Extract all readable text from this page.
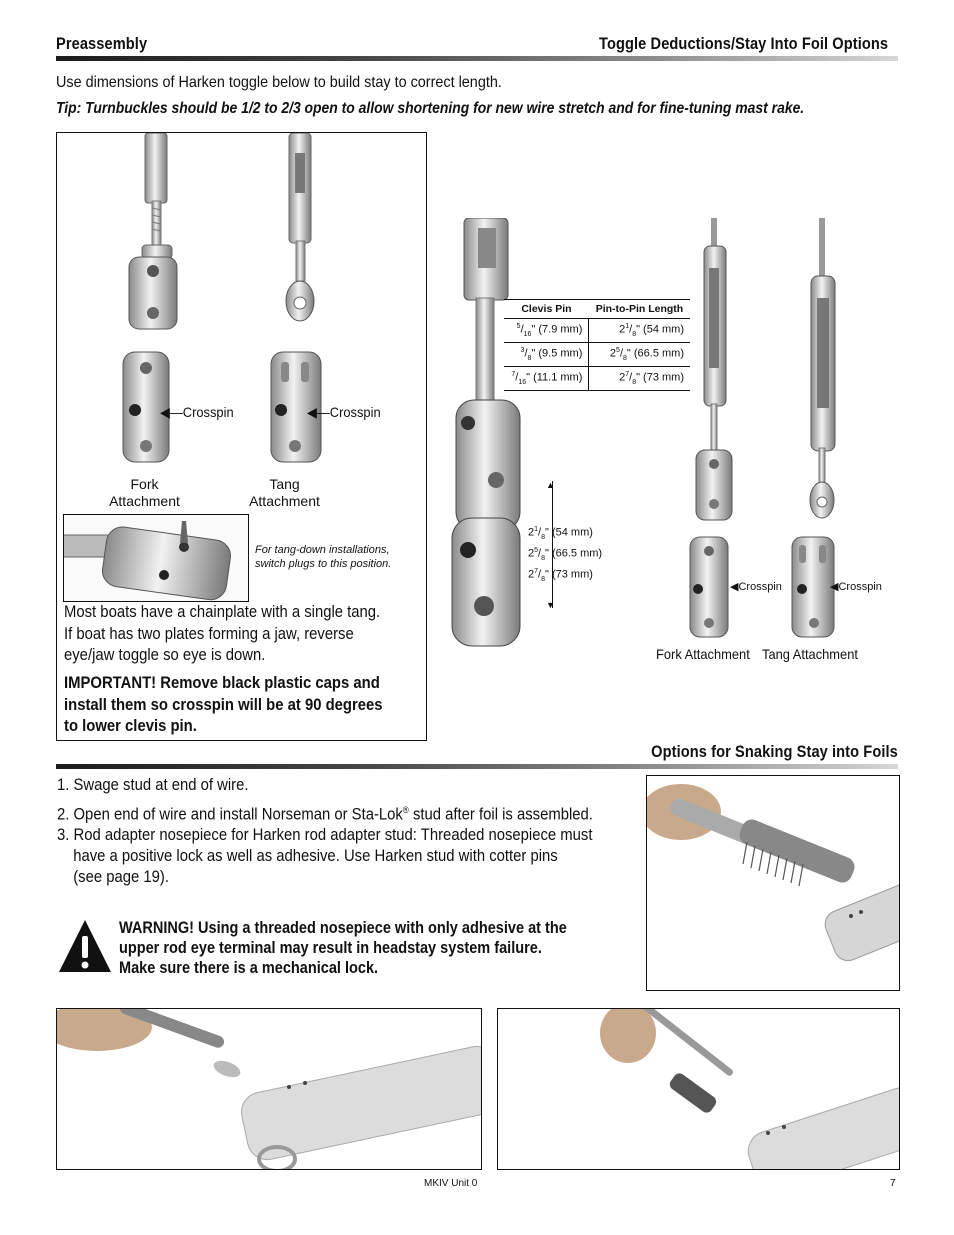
Preassembly	Toggle Deductions/Stay Into Foil Options
Use dimensions of Harken toggle below to build stay to correct length.
Tip: Turnbuckles should be 1/2 to 2/3 open to allow shortening for new wire stretch and for fine-tuning mast rake.
◀—Crosspin	◀—Crosspin
Fork
Attachment
Tang
Attachment
For tang-down installations,
switch plugs to this position.
Most boats have a chainplate with a single tang.
If boat has two plates forming a jaw, reverse
eye/jaw toggle so eye is down.
IMPORTANT! Remove black plastic caps and
install them so crosspin will be at 90 degrees
to lower clevis pin.
▲
▼
$2^1/_8$" (54 mm)
$2^5/_8$" (66.5 mm)
$2^7/_8$" (73 mm)
Clevis Pin	Pin-to-Pin Length
$^5/_{16}$" (7.9 mm)	$2^1/_8$" (54 mm)
$^3/_8$" (9.5 mm)	$2^5/_8$" (66.5 mm)
$^7/_{16}$" (11.1 mm)	$2^7/_8$" (73 mm)
◀Crosspin	◀Crosspin
Fork Attachment Tang Attachment
Options for Snaking Stay into Foils
1. Swage stud at end of wire.
2. Open end of wire and install Norseman or Sta-Lok® stud after foil is assembled.
3. Rod adapter nosepiece for Harken rod adapter stud: Threaded nosepiece must
have a positive lock as well as adhesive. Use Harken stud with cotter pins
(see page 19).
WARNING! Using a threaded nosepiece with only adhesive at the
upper rod eye terminal may result in headstay system failure.
Make sure there is a mechanical lock.
MKIV Unit 0	7
